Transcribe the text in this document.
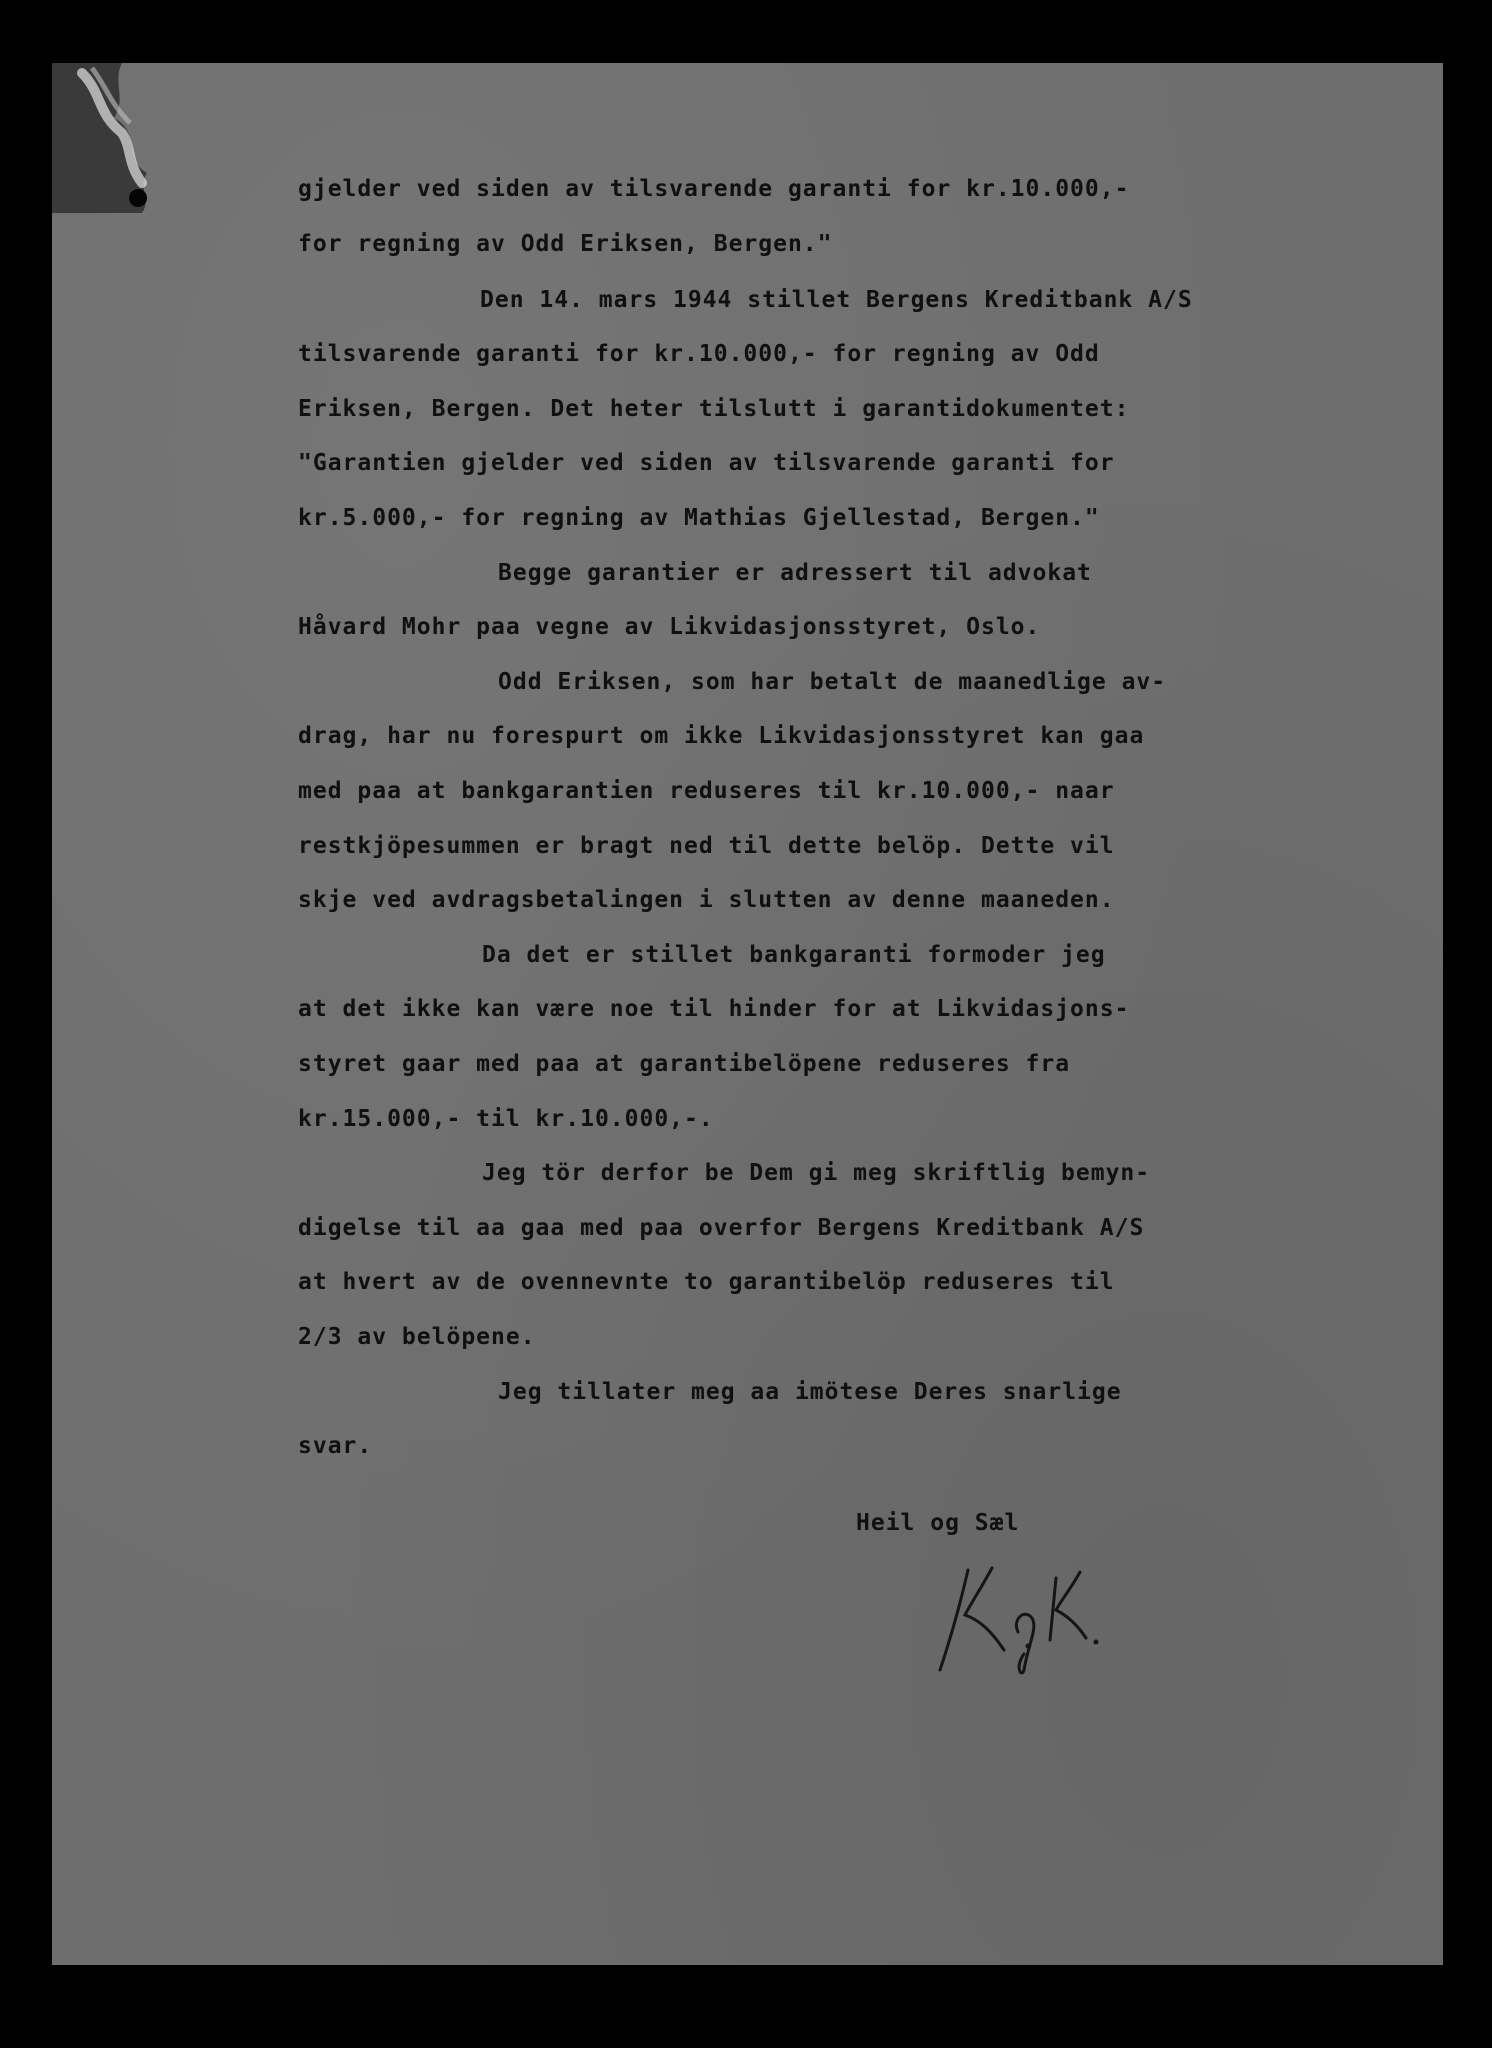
gjelder ved siden av tilsvarende garanti for kr.10.000,-
for regning av Odd Eriksen, Bergen."
Den 14. mars 1944 stillet Bergens Kreditbank A/S
tilsvarende garanti for kr.10.000,- for regning av Odd
Eriksen, Bergen. Det heter tilslutt i garantidokumentet:
"Garantien gjelder ved siden av tilsvarende garanti for
kr.5.000,- for regning av Mathias Gjellestad, Bergen."
Begge garantier er adressert til advokat
Håvard Mohr paa vegne av Likvidasjonsstyret, Oslo.
Odd Eriksen, som har betalt de maanedlige av-
drag, har nu forespurt om ikke Likvidasjonsstyret kan gaa
med paa at bankgarantien reduseres til kr.10.000,- naar
restkjöpesummen er bragt ned til dette belöp. Dette vil
skje ved avdragsbetalingen i slutten av denne maaneden.
Da det er stillet bankgaranti formoder jeg
at det ikke kan være noe til hinder for at Likvidasjons-
styret gaar med paa at garantibelöpene reduseres fra
kr.15.000,- til kr.10.000,-.
Jeg tör derfor be Dem gi meg skriftlig bemyn-
digelse til aa gaa med paa overfor Bergens Kreditbank A/S
at hvert av de ovennevnte to garantibelöp reduseres til
2/3 av belöpene.
Jeg tillater meg aa imötese Deres snarlige
svar.
Heil og Sæl
